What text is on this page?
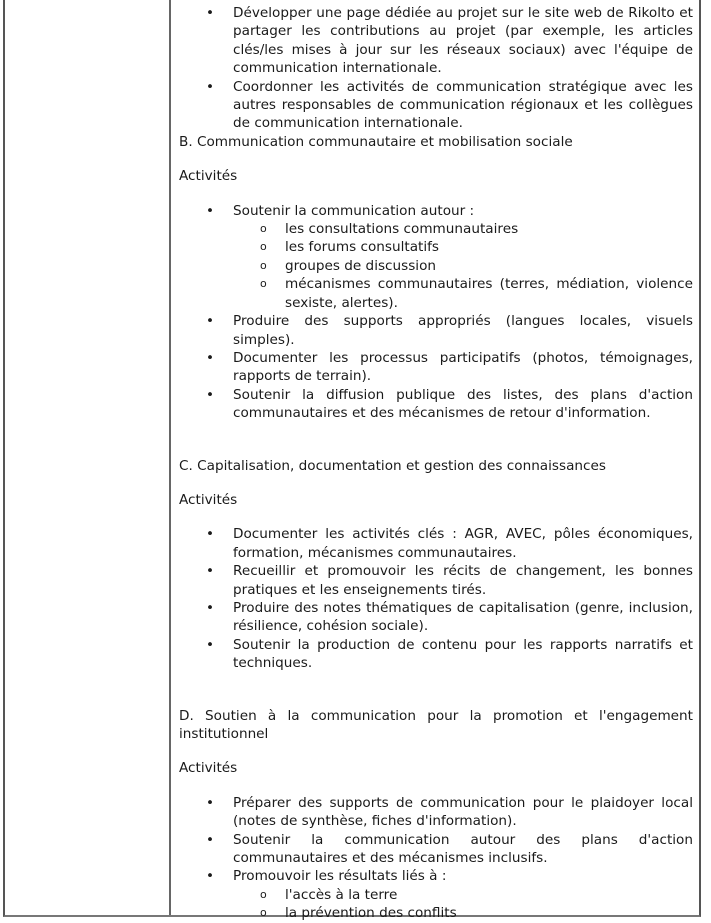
• Développer une page dédiée au projet sur le site web de Rikolto et partager les contributions au projet (par exemple, les articles clés/les mises à jour sur les réseaux sociaux) avec l'équipe de communication internationale.
• Coordonner les activités de communication stratégique avec les autres responsables de communication régionaux et les collègues de communication internationale.

B. Communication communautaire et mobilisation sociale

Activités

• Soutenir la communication autour :
o les consultations communautaires
o les forums consultatifs
o groupes de discussion
o mécanismes communautaires (terres, médiation, violence sexiste, alertes).
• Produire des supports appropriés (langues locales, visuels simples).
• Documenter les processus participatifs (photos, témoignages, rapports de terrain).
• Soutenir la diffusion publique des listes, des plans d'action communautaires et des mécanismes de retour d'information.

C. Capitalisation, documentation et gestion des connaissances

Activités

• Documenter les activités clés : AGR, AVEC, pôles économiques, formation, mécanismes communautaires.
• Recueillir et promouvoir les récits de changement, les bonnes pratiques et les enseignements tirés.
• Produire des notes thématiques de capitalisation (genre, inclusion, résilience, cohésion sociale).
• Soutenir la production de contenu pour les rapports narratifs et techniques.

D. Soutien à la communication pour la promotion et l'engagement institutionnel

Activités

• Préparer des supports de communication pour le plaidoyer local (notes de synthèse, fiches d'information).
• Soutenir la communication autour des plans d'action communautaires et des mécanismes inclusifs.
• Promouvoir les résultats liés à :
o l'accès à la terre
o la prévention des conflits
